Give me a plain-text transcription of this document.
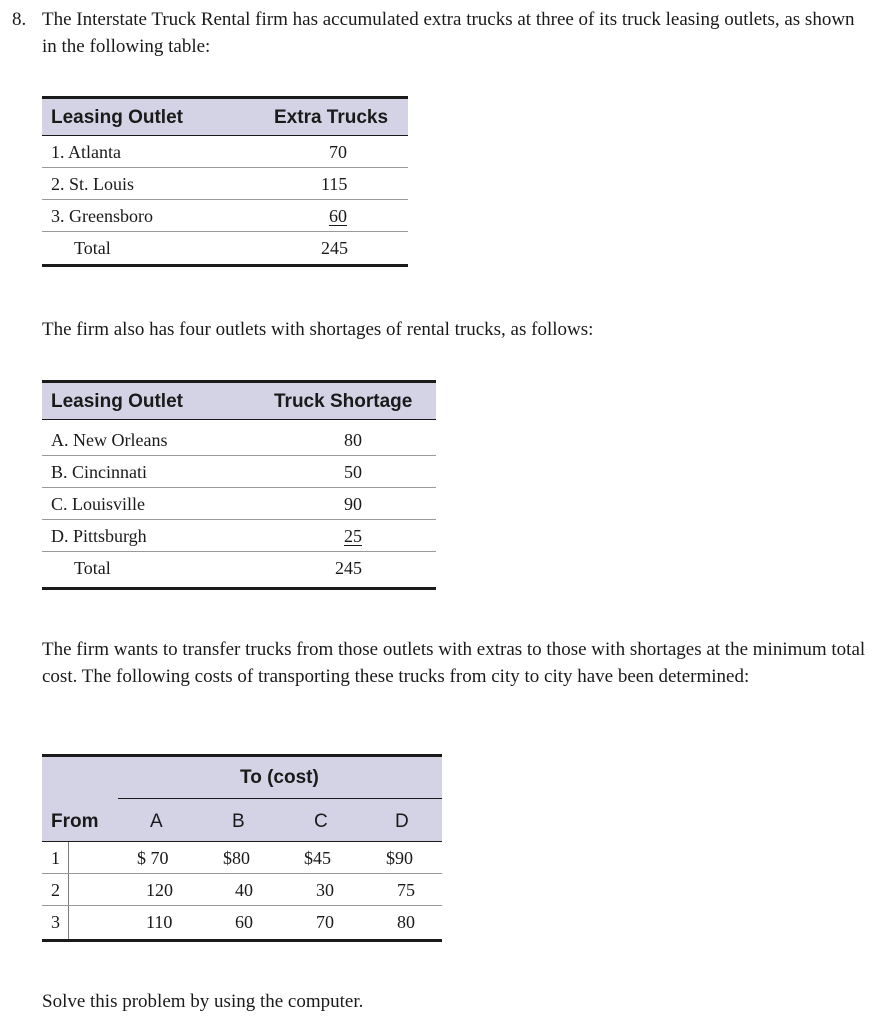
8. The Interstate Truck Rental firm has accumulated extra trucks at three of its truck leasing outlets, as shown in the following table:

Leasing Outlet	Extra Trucks
1. Atlanta	70
2. St. Louis	115
3. Greensboro	60
Total	245

The firm also has four outlets with shortages of rental trucks, as follows:

Leasing Outlet	Truck Shortage
A. New Orleans	80
B. Cincinnati	50
C. Louisville	90
D. Pittsburgh	25
Total	245

The firm wants to transfer trucks from those outlets with extras to those with shortages at the minimum total cost. The following costs of transporting these trucks from city to city have been determined:

To (cost)
From	A	B	C	D
1	$ 70	$80	$45	$90
2	120	40	30	75
3	110	60	70	80

Solve this problem by using the computer.
